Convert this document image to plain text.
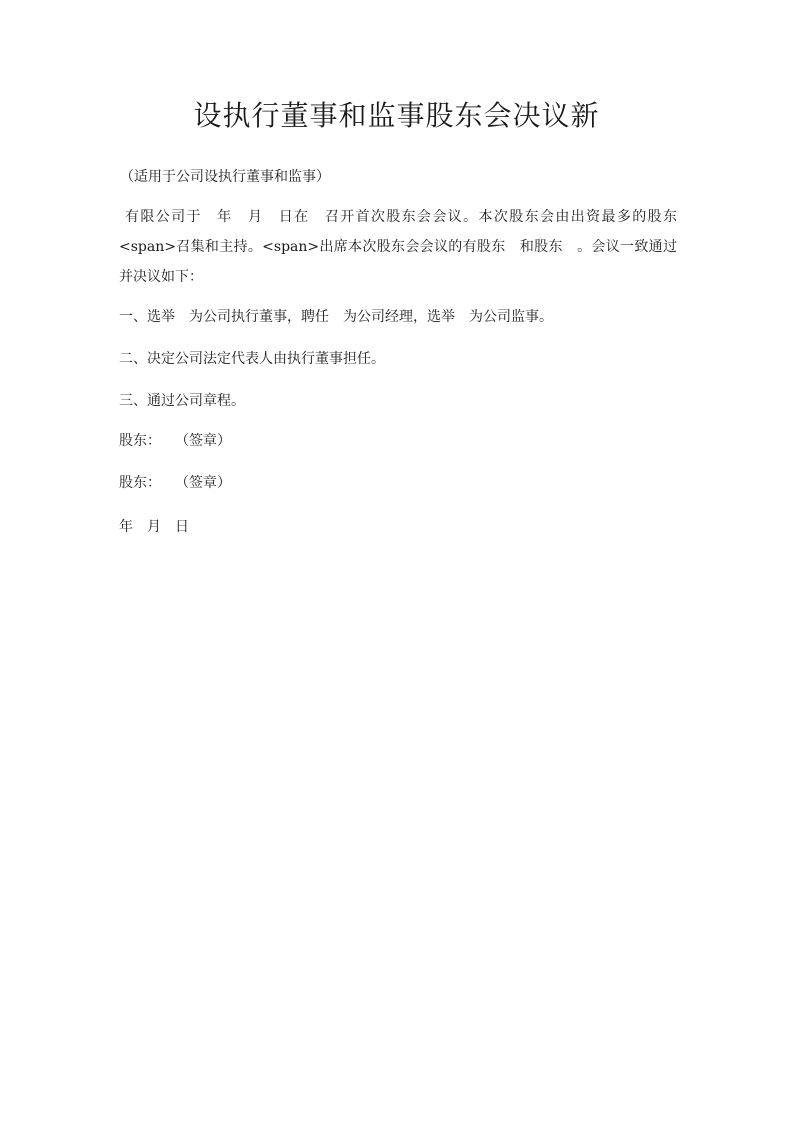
设执行董事和监事股东会决议新
（适用于公司设执行董事和监事）
有限公司于　年　月　日在　召开首次股东会会议。本次股东会由出资最多的股东<span>召集和主持。<span>出席本次股东会会议的有股东　和股东　。会议一致通过并决议如下：
一、选举　为公司执行董事，聘任　为公司经理，选举　为公司监事。
二、决定公司法定代表人由执行董事担任。
三、通过公司章程。
股东： （签章）
股东： （签章）
年　月　日
